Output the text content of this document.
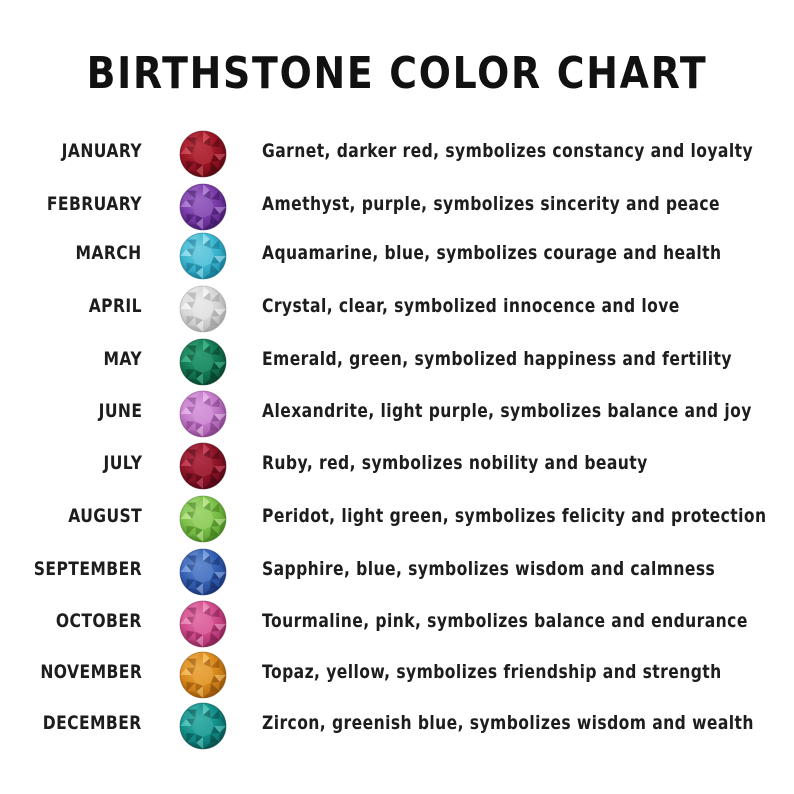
BIRTHSTONE COLOR CHART
JANUARY	Garnet, darker red, symbolizes constancy and loyalty
FEBRUARY	Amethyst, purple, symbolizes sincerity and peace
MARCH	Aquamarine, blue, symbolizes courage and health
APRIL	Crystal, clear, symbolized innocence and love
MAY	Emerald, green, symbolized happiness and fertility
JUNE	Alexandrite, light purple, symbolizes balance and joy
JULY	Ruby, red, symbolizes nobility and beauty
AUGUST	Peridot, light green, symbolizes felicity and protection
SEPTEMBER	Sapphire, blue, symbolizes wisdom and calmness
OCTOBER	Tourmaline, pink, symbolizes balance and endurance
NOVEMBER	Topaz, yellow, symbolizes friendship and strength
DECEMBER	Zircon, greenish blue, symbolizes wisdom and wealth
